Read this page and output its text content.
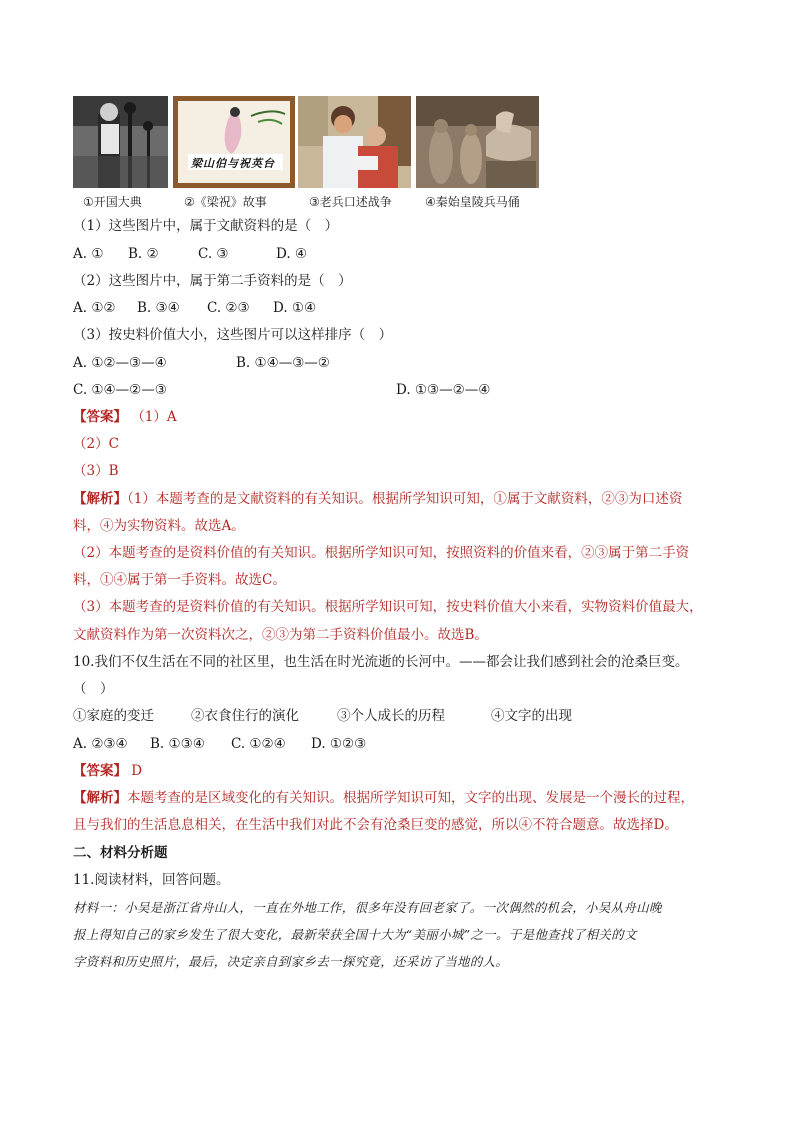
梁山伯与祝英台
①开国大典	②《梁祝》故事	③老兵口述战争	④秦始皇陵兵马俑
（1）这些图片中，属于文献资料的是（　）
A. ① B. ②	C. ③	D. ④
（2）这些图片中，属于第二手资料的是（　）
A. ①② B. ③④ C. ②③ D. ①④
（3）按史料价值大小，这些图片可以这样排序（　）
A. ①②—③—④	B. ①④—③—②
C. ①④—②—③	D. ①③—②—④
【答案】 （1）A
（2）C
（3）B
【解析】（1）本题考查的是文献资料的有关知识。根据所学知识可知，①属于文献资料，②③为口述资
料，④为实物资料。故选A。
（2）本题考查的是资料价值的有关知识。根据所学知识可知，按照资料的价值来看，②③属于第二手资
料，①④属于第一手资料。故选C。
（3）本题考查的是资料价值的有关知识。根据所学知识可知，按史料价值大小来看，实物资料价值最大，
文献资料作为第一次资料次之，②③为第二手资料价值最小。故选B。
10.我们不仅生活在不同的社区里，也生活在时光流逝的长河中。——都会让我们感到社会的沧桑巨变。
（　）
①家庭的变迁	②衣食住行的演化	③个人成长的历程	④文字的出现
A. ②③④ B. ①③④ C. ①②④ D. ①②③
【答案】 D
【解析】本题考查的是区域变化的有关知识。根据所学知识可知，文字的出现、发展是一个漫长的过程，
且与我们的生活息息相关，在生活中我们对此不会有沧桑巨变的感觉，所以④不符合题意。故选择D。
二、材料分析题
11.阅读材料，回答问题。
材料一：小吴是浙江省舟山人，一直在外地工作，很多年没有回老家了。一次偶然的机会，小吴从舟山晚
报上得知自己的家乡发生了很大变化，最新荣获全国十大为“美丽小城”之一。于是他查找了相关的文
字资料和历史照片，最后，决定亲自到家乡去一探究竟，还采访了当地的人。
